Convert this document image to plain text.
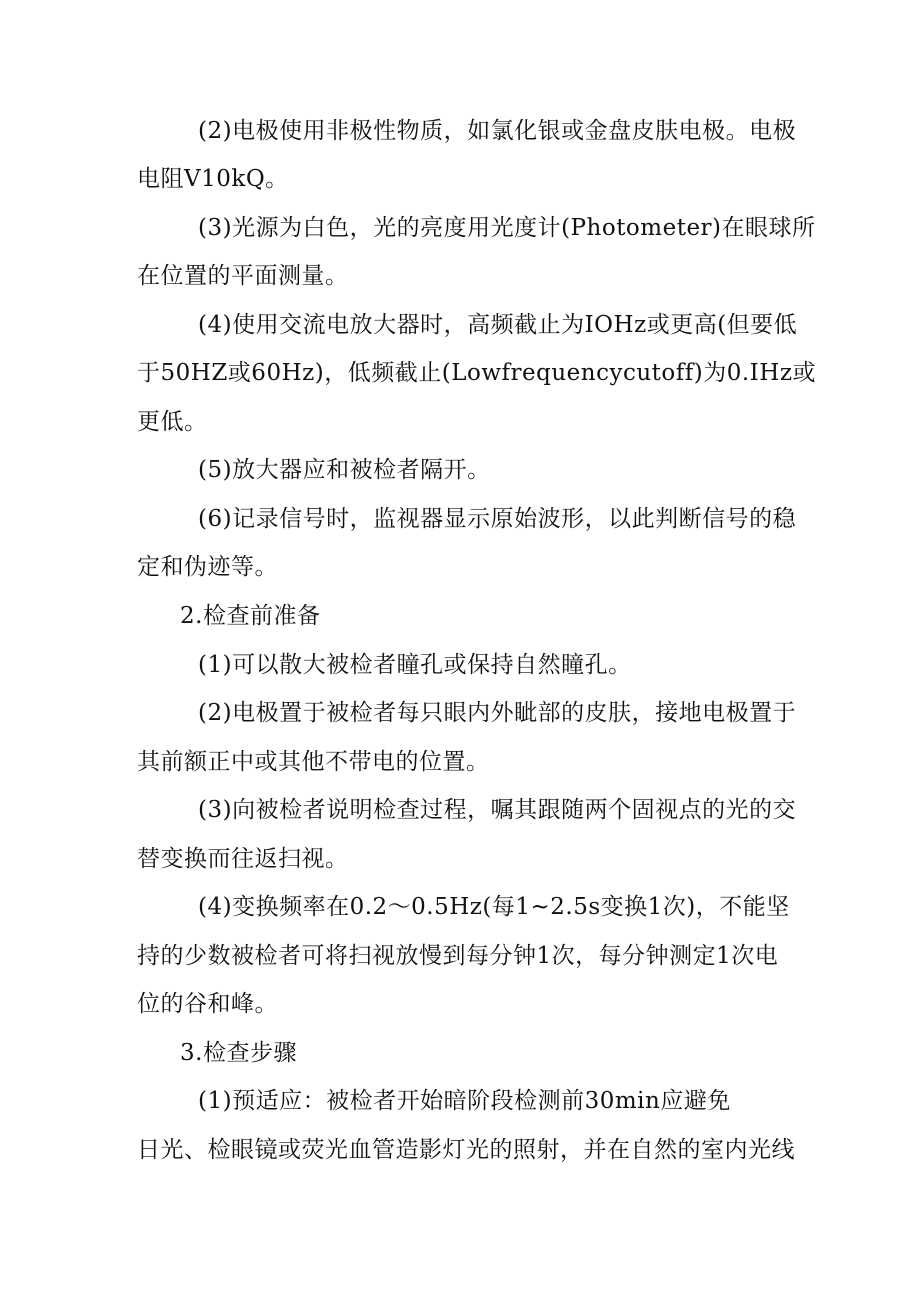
(2)电极使用非极性物质，如氯化银或金盘皮肤电极。电极
电阻V10kQ。
(3)光源为白色，光的亮度用光度计(Photometer)在眼球所
在位置的平面测量。
(4)使用交流电放大器时，高频截止为IOHz或更高(但要低
于50HZ或60Hz)，低频截止(Lowfrequencycutoff)为0.IHz或
更低。
(5)放大器应和被检者隔开。
(6)记录信号时，监视器显示原始波形，以此判断信号的稳
定和伪迹等。
2.检查前准备
(1)可以散大被检者瞳孔或保持自然瞳孔。
(2)电极置于被检者每只眼内外眦部的皮肤，接地电极置于
其前额正中或其他不带电的位置。
(3)向被检者说明检查过程，嘱其跟随两个固视点的光的交
替变换而往返扫视。
(4)变换频率在0.2～0.5Hz(每1~2.5s变换1次)，不能坚
持的少数被检者可将扫视放慢到每分钟1次，每分钟测定1次电
位的谷和峰。
3.检查步骤
(1)预适应：被检者开始暗阶段检测前30min应避免
日光、检眼镜或荧光血管造影灯光的照射，并在自然的室内光线
